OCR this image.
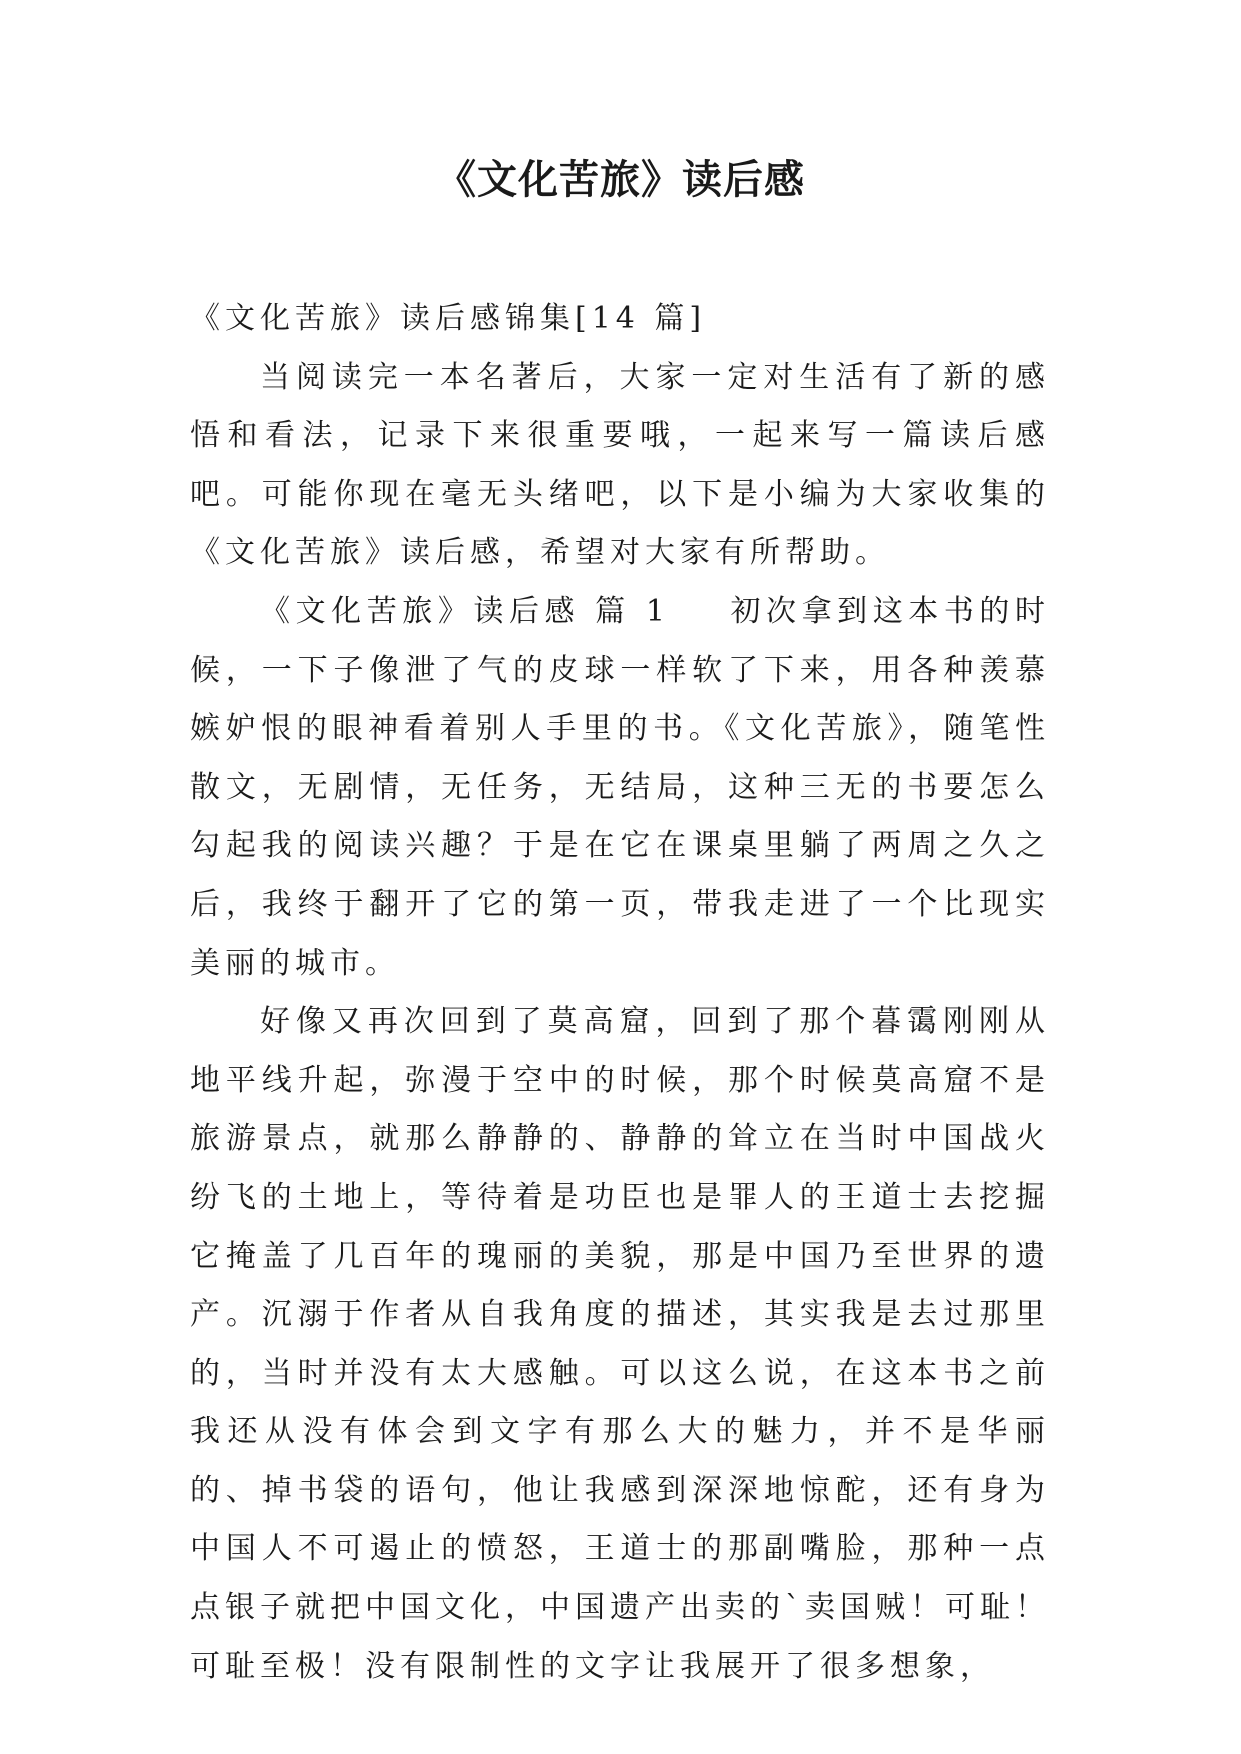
《文化苦旅》读后感

《文化苦旅》读后感锦集[14 篇]

当阅读完一本名著后，大家一定对生活有了新的感悟和看法，记录下来很重要哦，一起来写一篇读后感吧。可能你现在毫无头绪吧，以下是小编为大家收集的《文化苦旅》读后感，希望对大家有所帮助。

《文化苦旅》读后感 篇 1 初次拿到这本书的时候，一下子像泄了气的皮球一样软了下来，用各种羡慕嫉妒恨的眼神看着别人手里的书。《文化苦旅》，随笔性散文，无剧情，无任务，无结局，这种三无的书要怎么勾起我的阅读兴趣？于是在它在课桌里躺了两周之久之后，我终于翻开了它的第一页，带我走进了一个比现实美丽的城市。

好像又再次回到了莫高窟，回到了那个暮霭刚刚从地平线升起，弥漫于空中的时候，那个时候莫高窟不是旅游景点，就那么静静的、静静的耸立在当时中国战火纷飞的土地上，等待着是功臣也是罪人的王道士去挖掘它掩盖了几百年的瑰丽的美貌，那是中国乃至世界的遗产。沉溺于作者从自我角度的描述，其实我是去过那里的，当时并没有太大感触。可以这么说，在这本书之前我还从没有体会到文字有那么大的魅力，并不是华丽的、掉书袋的语句，他让我感到深深地惊酡，还有身为中国人不可遏止的愤怒，王道士的那副嘴脸，那种一点点银子就把中国文化，中国遗产出卖的`卖国贼！可耻！可耻至极！没有限制性的文字让我展开了很多想象，
